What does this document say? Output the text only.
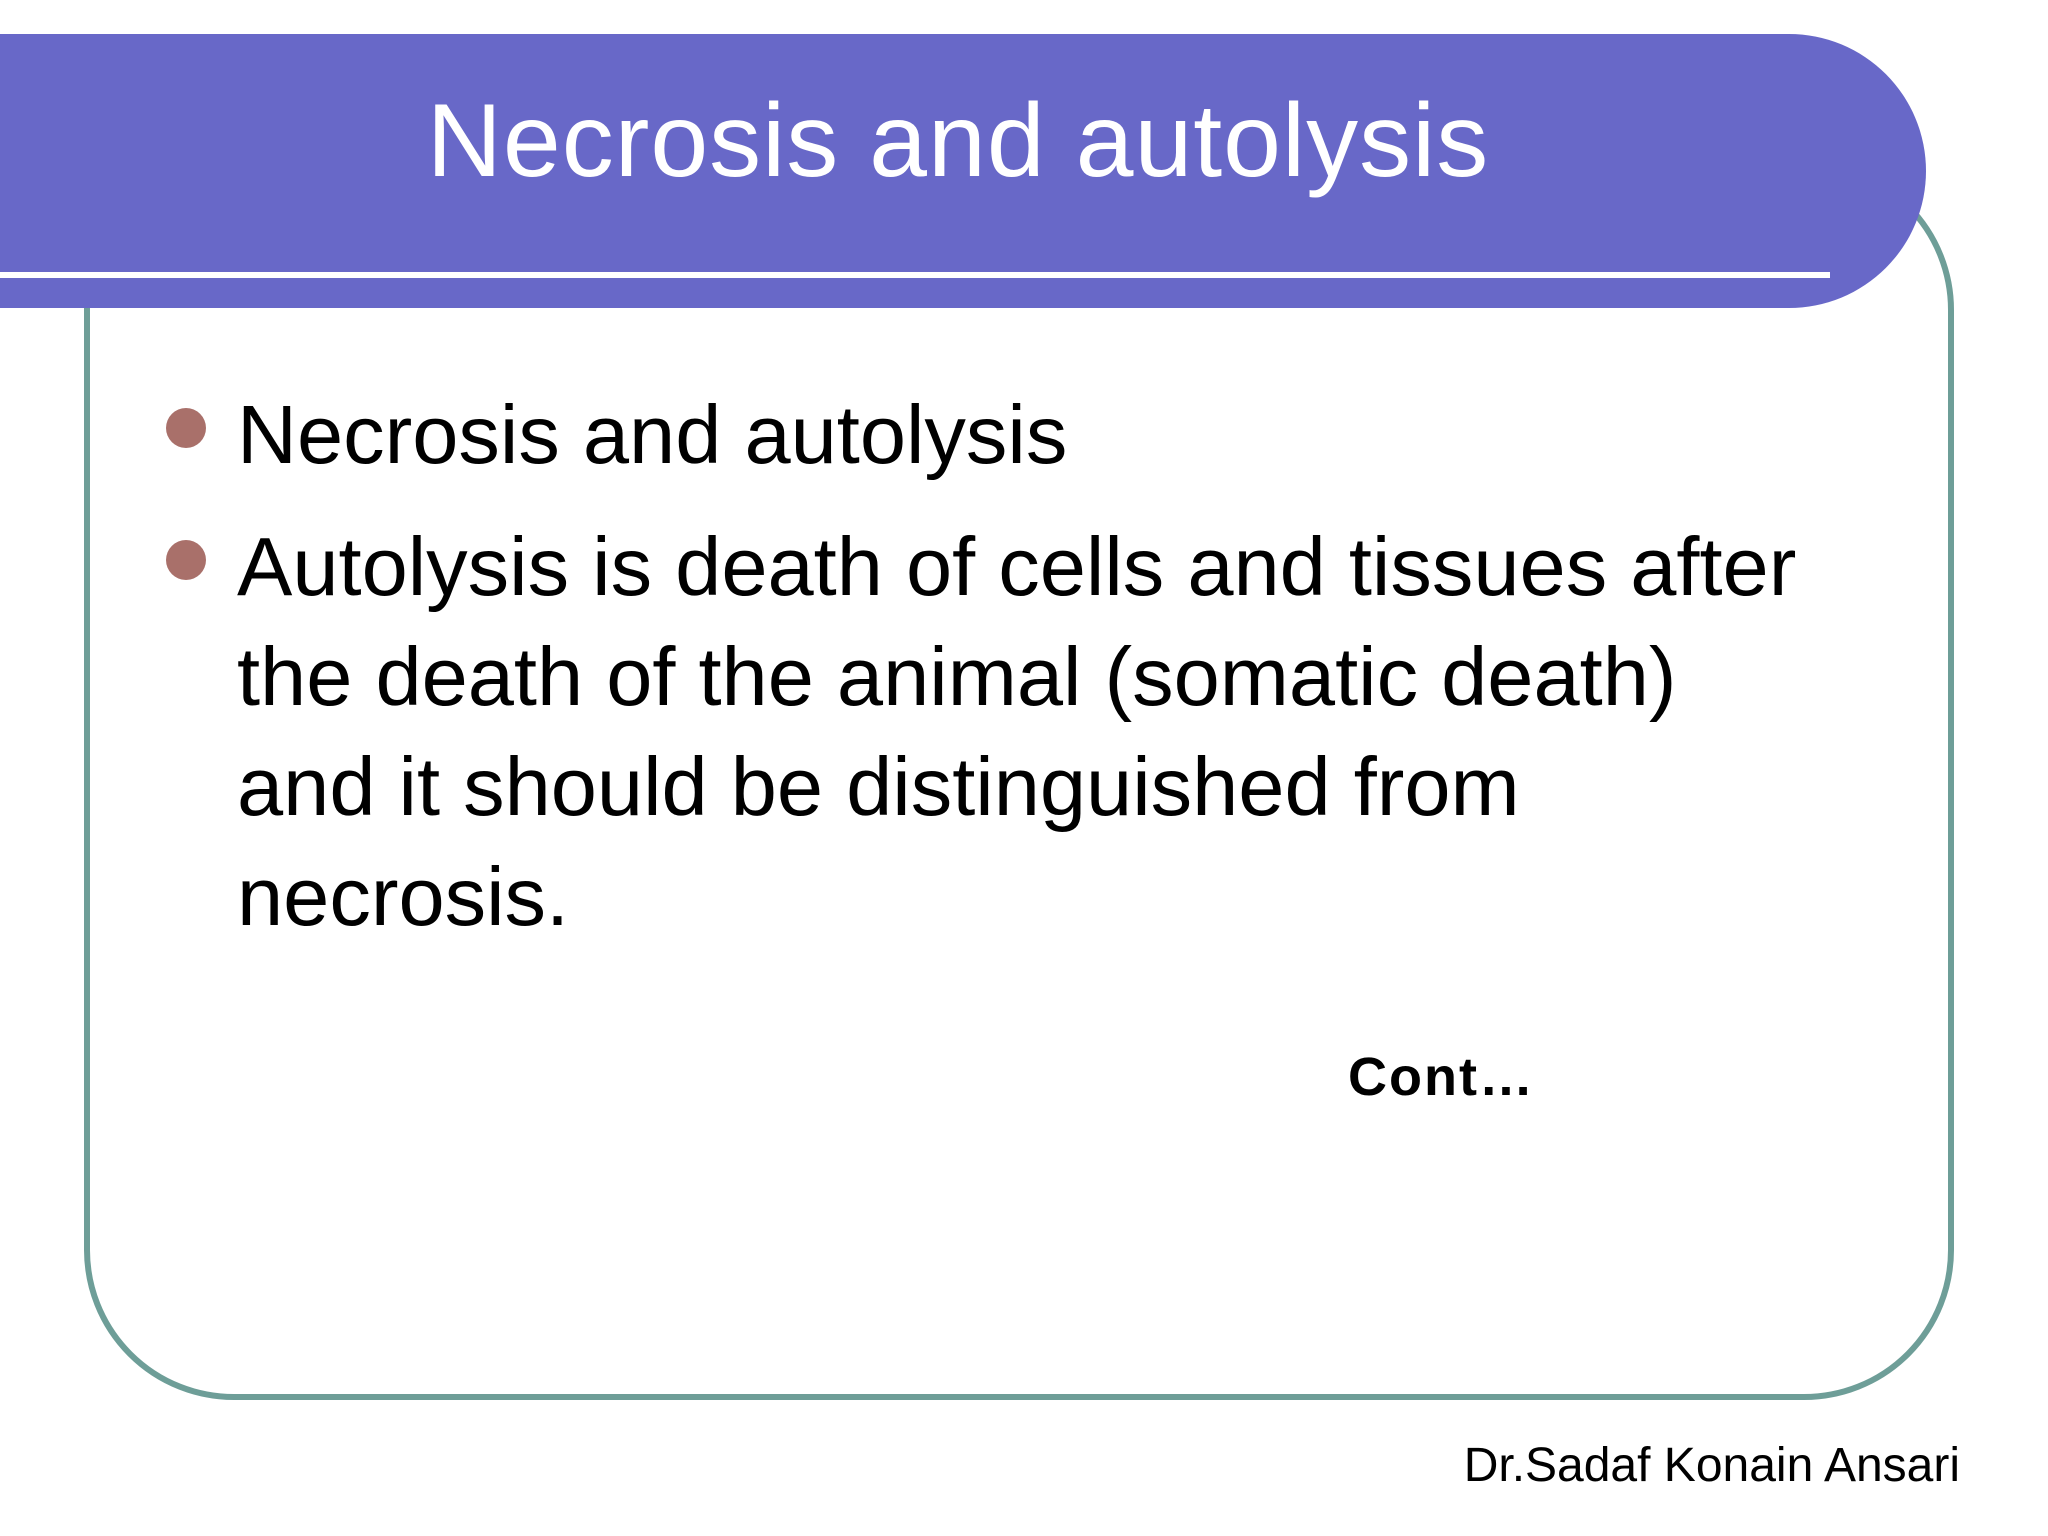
Necrosis and autolysis
Necrosis and autolysis
Autolysis is death of cells and tissues after the death of the animal (somatic death) and it should be distinguished from necrosis.
Cont…
Dr.Sadaf Konain Ansari
